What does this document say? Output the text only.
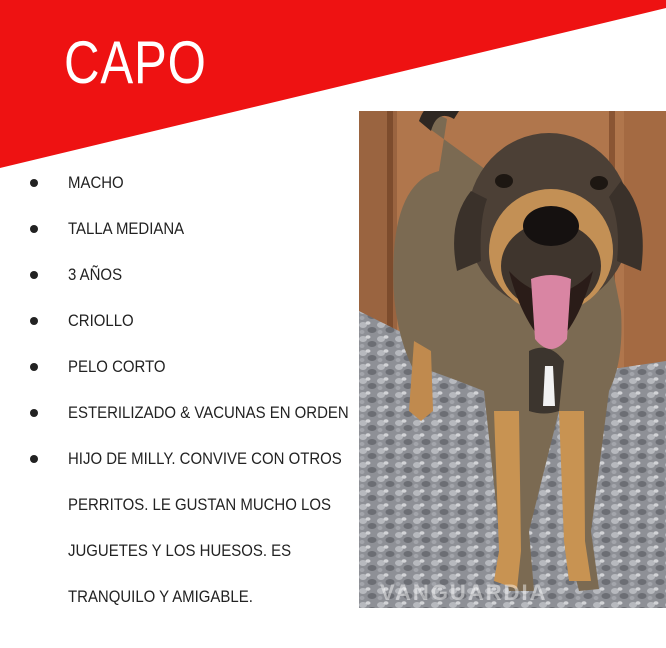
CAPO
MACHO
TALLA MEDIANA
3 AÑOS
CRIOLLO
PELO CORTO
ESTERILIZADO & VACUNAS EN ORDEN
HIJO DE MILLY. CONVIVE CON OTROS
PERRITOS. LE GUSTAN MUCHO LOS
JUGUETES Y LOS HUESOS. ES
TRANQUILO Y AMIGABLE.	VANGUARDIA
